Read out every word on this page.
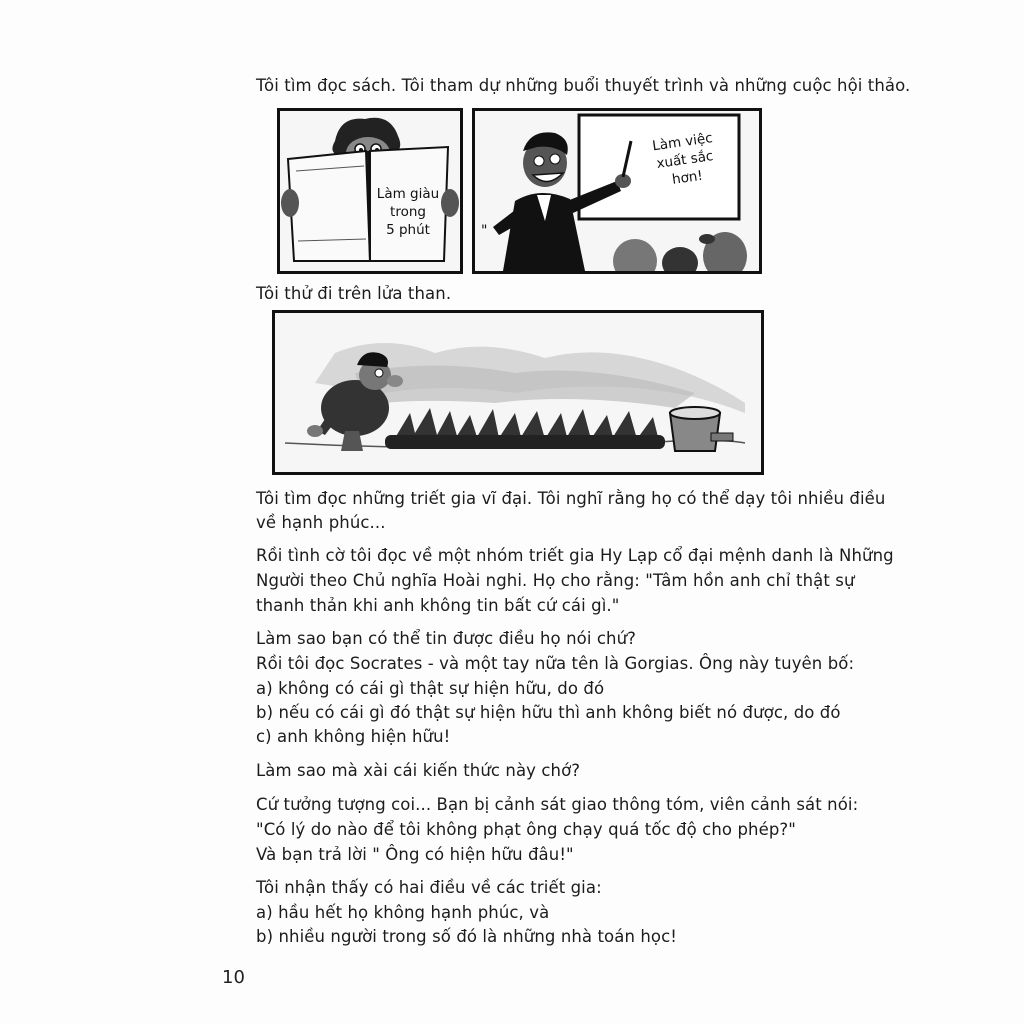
Tôi tìm đọc sách. Tôi tham dự những buổi thuyết trình và những cuộc hội thảo.
Làm giàu
trong
5 phút	"
Làm việc
xuất sắc
hơn!
Tôi thử đi trên lửa than.
Tôi tìm đọc những triết gia vĩ đại. Tôi nghĩ rằng họ có thể dạy tôi nhiều điều
về hạnh phúc...
Rồi tình cờ tôi đọc về một nhóm triết gia Hy Lạp cổ đại mệnh danh là Những
Người theo Chủ nghĩa Hoài nghi. Họ cho rằng: "Tâm hồn anh chỉ thật sự
thanh thản khi anh không tin bất cứ cái gì."
Làm sao bạn có thể tin được điều họ nói chứ?
Rồi tôi đọc Socrates - và một tay nữa tên là Gorgias. Ông này tuyên bố:
a) không có cái gì thật sự hiện hữu, do đó
b) nếu có cái gì đó thật sự hiện hữu thì anh không biết nó được, do đó
c) anh không hiện hữu!
Làm sao mà xài cái kiến thức này chớ?
Cứ tưởng tượng coi... Bạn bị cảnh sát giao thông tóm, viên cảnh sát nói:
"Có lý do nào để tôi không phạt ông chạy quá tốc độ cho phép?"
Và bạn trả lời " Ông có hiện hữu đâu!"
Tôi nhận thấy có hai điều về các triết gia:
a) hầu hết họ không hạnh phúc, và
b) nhiều người trong số đó là những nhà toán học!
10
